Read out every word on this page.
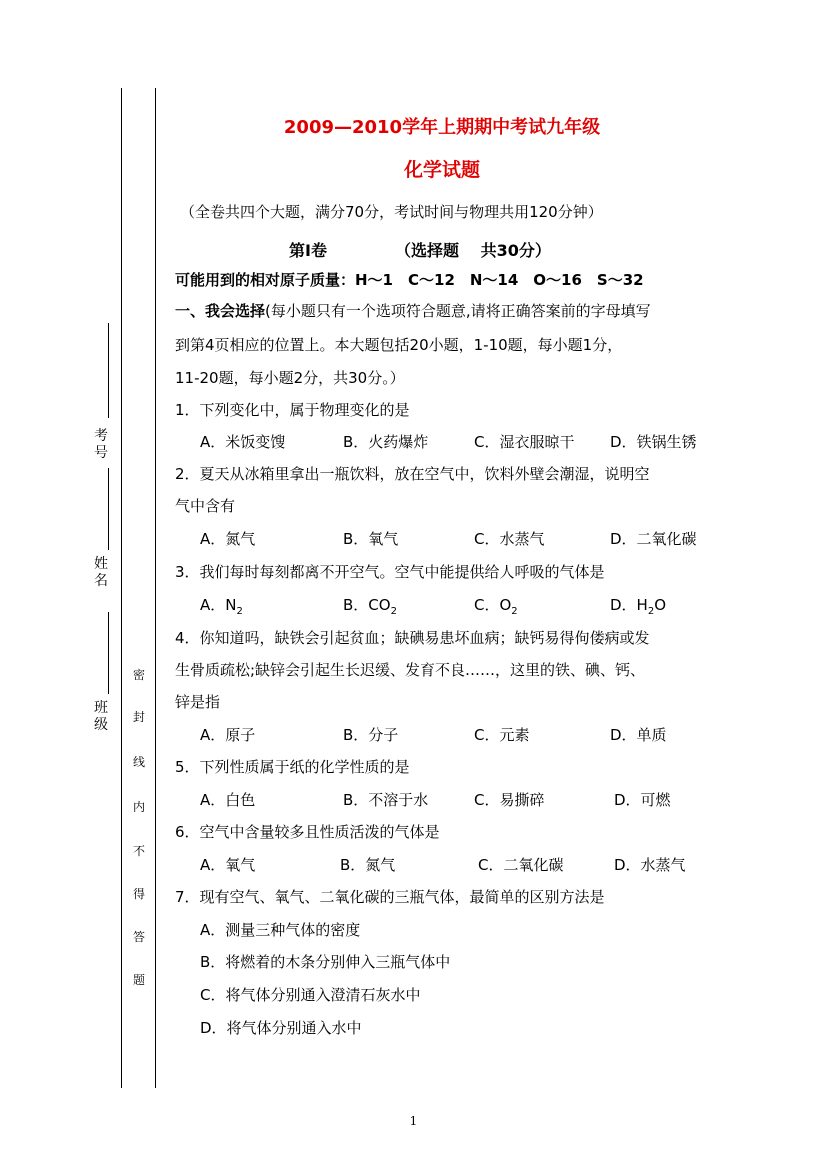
考号
姓名
班级
密
封
线
内
不
得
答
题
2009—2010学年上期期中考试九年级
化学试题
（全卷共四个大题，满分70分，考试时间与物理共用120分钟）
第Ⅰ卷	（选择题　 共30分）
可能用到的相对原子质量：H～1　C～12　N～14　O～16　S～32
一、我会选择(每小题只有一个选项符合题意,请将正确答案前的字母填写
到第4页相应的位置上。本大题包括20小题，1-10题，每小题1分，
11-20题，每小题2分，共30分。）
1．下列变化中，属于物理变化的是
A．米饭变馊	B．火药爆炸	C．湿衣服晾干 D．铁锅生锈
2．夏天从冰箱里拿出一瓶饮料，放在空气中，饮料外壁会潮湿，说明空
气中含有
A．氮气	B．氧气	C．水蒸气	D．二氧化碳
3．我们每时每刻都离不开空气。空气中能提供给人呼吸的气体是
A．$N_2$	B．$CO_2$	C．$O_2$	D．$H_2O$
4．你知道吗，缺铁会引起贫血；缺碘易患坏血病；缺钙易得佝偻病或发
生骨质疏松;缺锌会引起生长迟缓、发育不良……，这里的铁、碘、钙、
锌是指
A．原子	B．分子	C．元素	D．单质
5．下列性质属于纸的化学性质的是
A．白色	B．不溶于水	C．易撕碎	D．可燃
6．空气中含量较多且性质活泼的气体是
A．氧气	B．氮气	C．二氧化碳	D．水蒸气
7．现有空气、氧气、二氧化碳的三瓶气体，最简单的区别方法是
A．测量三种气体的密度
B．将燃着的木条分别伸入三瓶气体中
C．将气体分别通入澄清石灰水中
D．将气体分别通入水中
1
